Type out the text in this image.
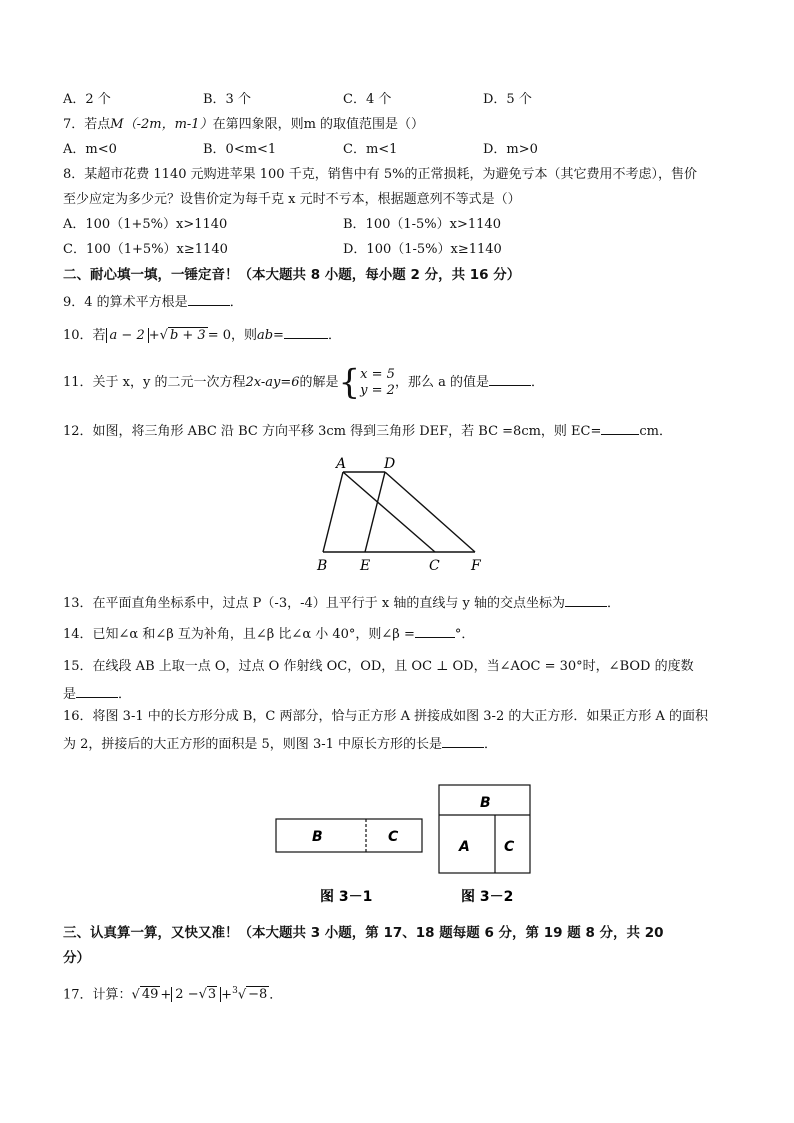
A．2 个	B．3 个	C．4 个	D．5 个
7．若点M（-2m，m-1）在第四象限，则m 的取值范围是（）
A．m<0	B．0<m<1	C．m<1	D．m>0
8．某超市花费 1140 元购进苹果 100 千克，销售中有 5%的正常损耗，为避免亏本（其它费用不考虑），售价
至少应定为多少元？设售价定为每千克 x 元时不亏本，根据题意列不等式是（）
A．100（1+5%）x>1140	B．100（1-5%）x>1140
C．100（1+5%）x≥1140	D．100（1-5%）x≥1140
二、耐心填一填，一锤定音！（本大题共 8 小题，每小题 2 分，共 16 分）
9．4 的算术平方根是	．
10．若 a − 2 +√ b + 3 = 0，则ab=	．
11．关于 x，y 的二元一次方程2x-ay=6的解是{x = 5
y = 2，那么 a 的值是	．
12．如图，将三角形 ABC 沿 BC 方向平移 3cm 得到三角形 DEF，若 BC =8cm，则 EC=	cm．
A	D
B E	C F
13．在平面直角坐标系中，过点 P（-3，-4）且平行于 x 轴的直线与 y 轴的交点坐标为	．
14．已知∠α 和∠β 互为补角，且∠β 比∠α 小 40°，则∠β =	°．
15．在线段 AB 上取一点 O，过点 O 作射线 OC，OD，且 OC ⊥ OD，当∠AOC = 30°时，∠BOD 的度数
是	．
16．将图 3-1 中的长方形分成 B，C 两部分，恰与正方形 A 拼接成如图 3-2 的大正方形．如果正方形 A 的面积
为 2，拼接后的大正方形的面积是 5，则图 3-1 中原长方形的长是	．
B	C
B
A C
图 3－1	图 3－2
三、认真算一算，又快又准！（本大题共 3 小题，第 17、18 题每题 6 分，第 19 题 8 分，共 20
分）
17．计算：√ 49 + 2 −√3 +$^3$√ −8 ．
